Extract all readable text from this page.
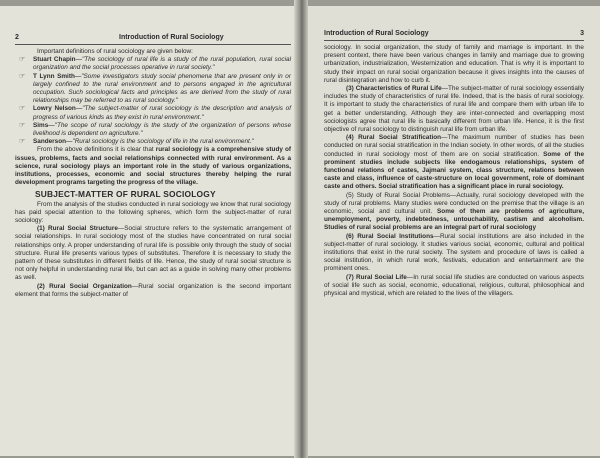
2	Introduction of Rural Sociology

Important definitions of rural sociology are given below:

☞	Stuart Chapin—"The sociology of rural life is a study of the rural population, rural social organization and the social processes operative in rural society."
☞	T Lynn Smith—"Some investigators study social phenomena that are present only in or largely confined to the rural environment and to persons engaged in the agricultural occupation. Such sociological facts and principles as are derived from the study of rural relationships may be referred to as rural sociology."
☞	Lowry Nelson—"The subject-matter of rural sociology is the description and analysis of progress of various kinds as they exist in rural environment."
☞	Sims—"The scope of rural sociology is the study of the organization of persons whose livelihood is dependent on agriculture."
☞	Sanderson—"Rural sociology is the sociology of life in the rural environment."

From the above definitions it is clear that rural sociology is a comprehensive study of issues, problems, facts and social relationships connected with rural environment. As a science, rural sociology plays an important role in the study of various organizations, institutions, processes, economic and social structures thereby helping the rural development programs targeting the progress of the village.

SUBJECT-MATTER OF RURAL SOCIOLOGY

From the analysis of the studies conducted in rural sociology we know that rural sociology has paid special attention to the following spheres, which form the subject-matter of rural sociology:

(1) Rural Social Structure—Social structure refers to the systematic arrangement of social relationships. In rural sociology most of the studies have concentrated on rural social relationships only. A proper understanding of rural life is possible only through the study of social structure. Rural life presents various types of substitutes. Therefore it is necessary to study the pattern of these substitutes in different fields of life. Hence, the study of rural social structure is not only helpful in understanding rural life, but can act as a guide in solving many other problems as well.

(2) Rural Social Organization—Rural social organization is the second important element that forms the subject-matter of

Introduction of Rural Sociology	3

sociology. In social organization, the study of family and marriage is important. In the present context, there have been various changes in family and marriage due to growing urbanization, industrialization, Westernization and education. That is why it is important to study their impact on rural social organization because it gives insights into the causes of rural disintegration and how to curb it.

(3) Characteristics of Rural Life—The subject-matter of rural sociology essentially includes the study of characteristics of rural life. Indeed, that is the basis of rural sociology. It is important to study the characteristics of rural life and compare them with urban life to get a better understanding. Although they are inter-connected and overlapping most sociologists agree that rural life is basically different from urban life. Hence, it is the first objective of rural sociology to distinguish rural life from urban life.

(4) Rural Social Stratification—The maximum number of studies has been conducted on rural social stratification in the Indian society. In other words, of all the studies conducted in rural sociology most of them are on social stratification. Some of the prominent studies include subjects like endogamous relationships, system of functional relations of castes, Jajmani system, class structure, relations between caste and class, influence of caste-structure on local government, role of dominant caste and others. Social stratification has a significant place in rural sociology.

(5) Study of Rural Social Problems—Actually, rural sociology developed with the study of rural problems. Many studies were conducted on the premise that the village is an economic, social and cultural unit. Some of them are problems of agriculture, unemployment, poverty, indebtedness, untouchability, castism and alcoholism. Studies of rural social problems are an integral part of rural sociology

(6) Rural Social Institutions—Rural social institutions are also included in the subject-matter of rural sociology. It studies various social, economic, cultural and political institutions that exist in the rural society. The system and procedure of laws is called a social institution, in which rural work, festivals, education and entertainment are the prominent ones.

(7) Rural Social Life—In rural social life studies are conducted on various aspects of social life such as social, economic, educational, religious, cultural, philosophical and physical and mystical, which are related to the lives of the villagers.
